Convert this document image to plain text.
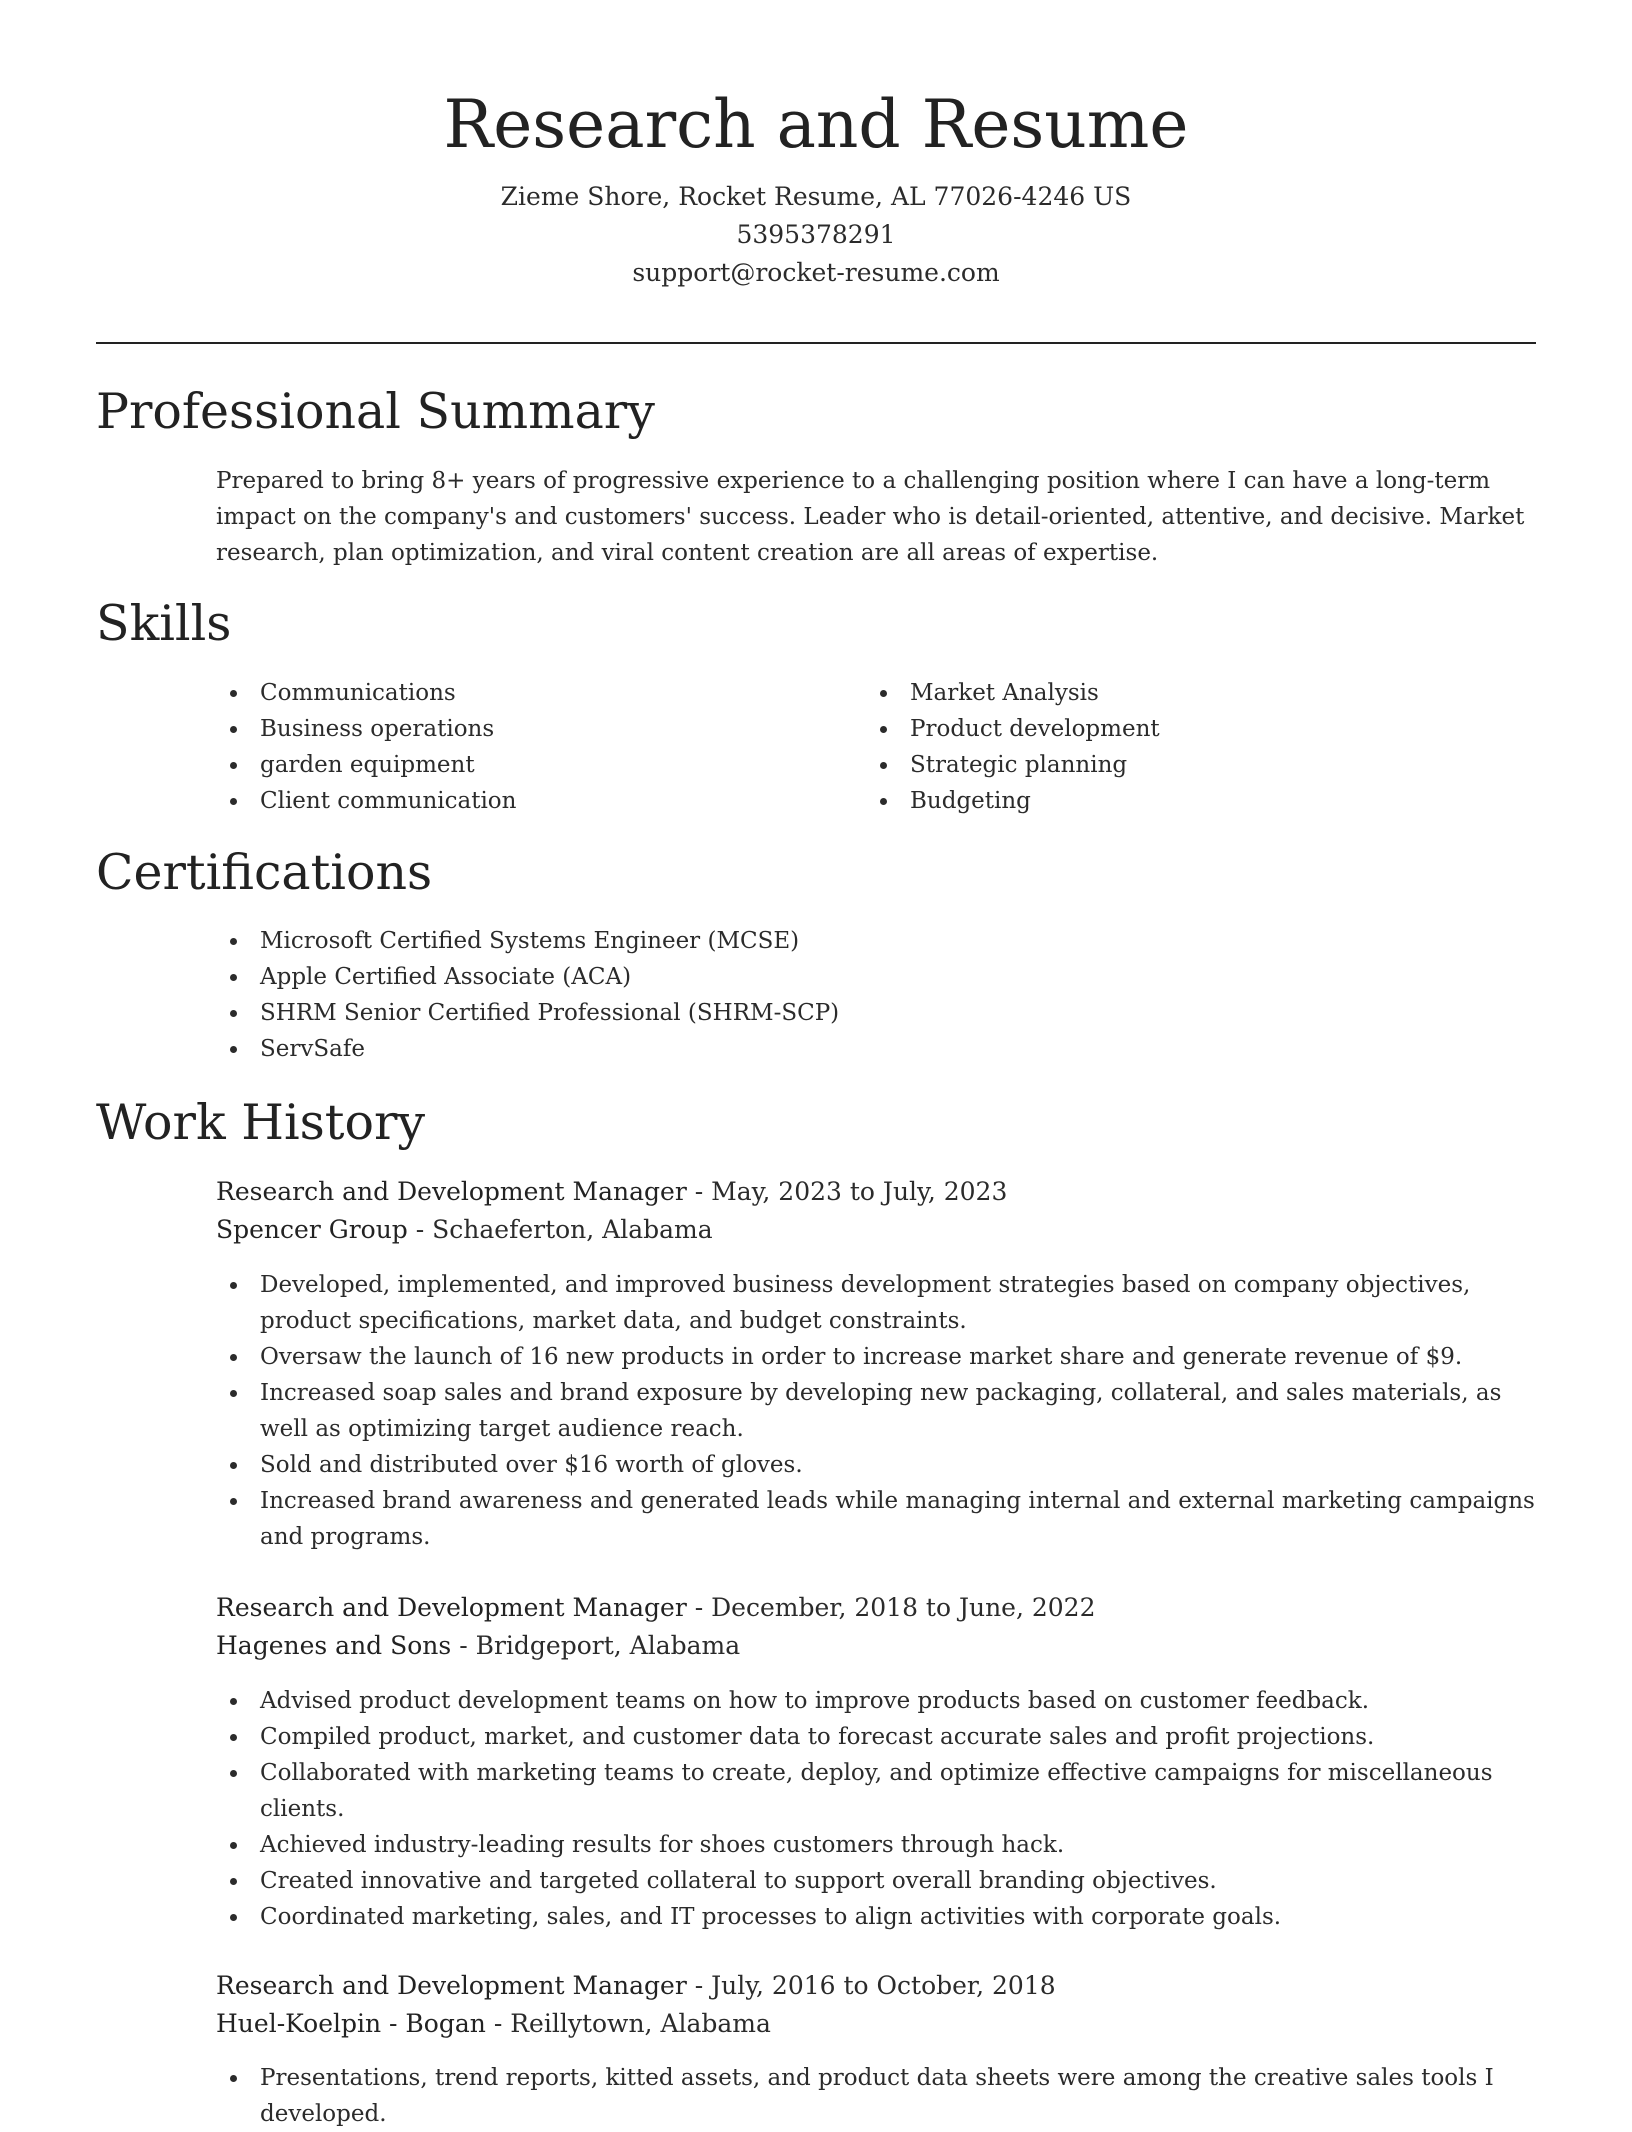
Research and Resume
Zieme Shore, Rocket Resume, AL 77026-4246 US
5395378291
support@rocket-resume.com
Professional Summary

Prepared to bring 8+ years of progressive experience to a challenging position where I can have a long-term impact on the company's and customers' success. Leader who is detail-oriented, attentive, and decisive. Market research, plan optimization, and viral content creation are all areas of expertise.

Skills
Communications
Business operations
garden equipment
Client communication
Market Analysis
Product development
Strategic planning
Budgeting
Certifications
Microsoft Certified Systems Engineer (MCSE)
Apple Certified Associate (ACA)
SHRM Senior Certified Professional (SHRM-SCP)
ServSafe
Work History
Research and Development Manager - May, 2023 to July, 2023
Spencer Group - Schaeferton, Alabama
Developed, implemented, and improved business development strategies based on company objectives, product specifications, market data, and budget constraints.
Oversaw the launch of 16 new products in order to increase market share and generate revenue of $9.
Increased soap sales and brand exposure by developing new packaging, collateral, and sales materials, as well as optimizing target audience reach.
Sold and distributed over $16 worth of gloves.
Increased brand awareness and generated leads while managing internal and external marketing campaigns and programs.
Research and Development Manager - December, 2018 to June, 2022
Hagenes and Sons - Bridgeport, Alabama
Advised product development teams on how to improve products based on customer feedback.
Compiled product, market, and customer data to forecast accurate sales and profit projections.
Collaborated with marketing teams to create, deploy, and optimize effective campaigns for miscellaneous clients.
Achieved industry-leading results for shoes customers through hack.
Created innovative and targeted collateral to support overall branding objectives.
Coordinated marketing, sales, and IT processes to align activities with corporate goals.
Research and Development Manager - July, 2016 to October, 2018
Huel-Koelpin - Bogan - Reillytown, Alabama
Presentations, trend reports, kitted assets, and product data sheets were among the creative sales tools I developed.
